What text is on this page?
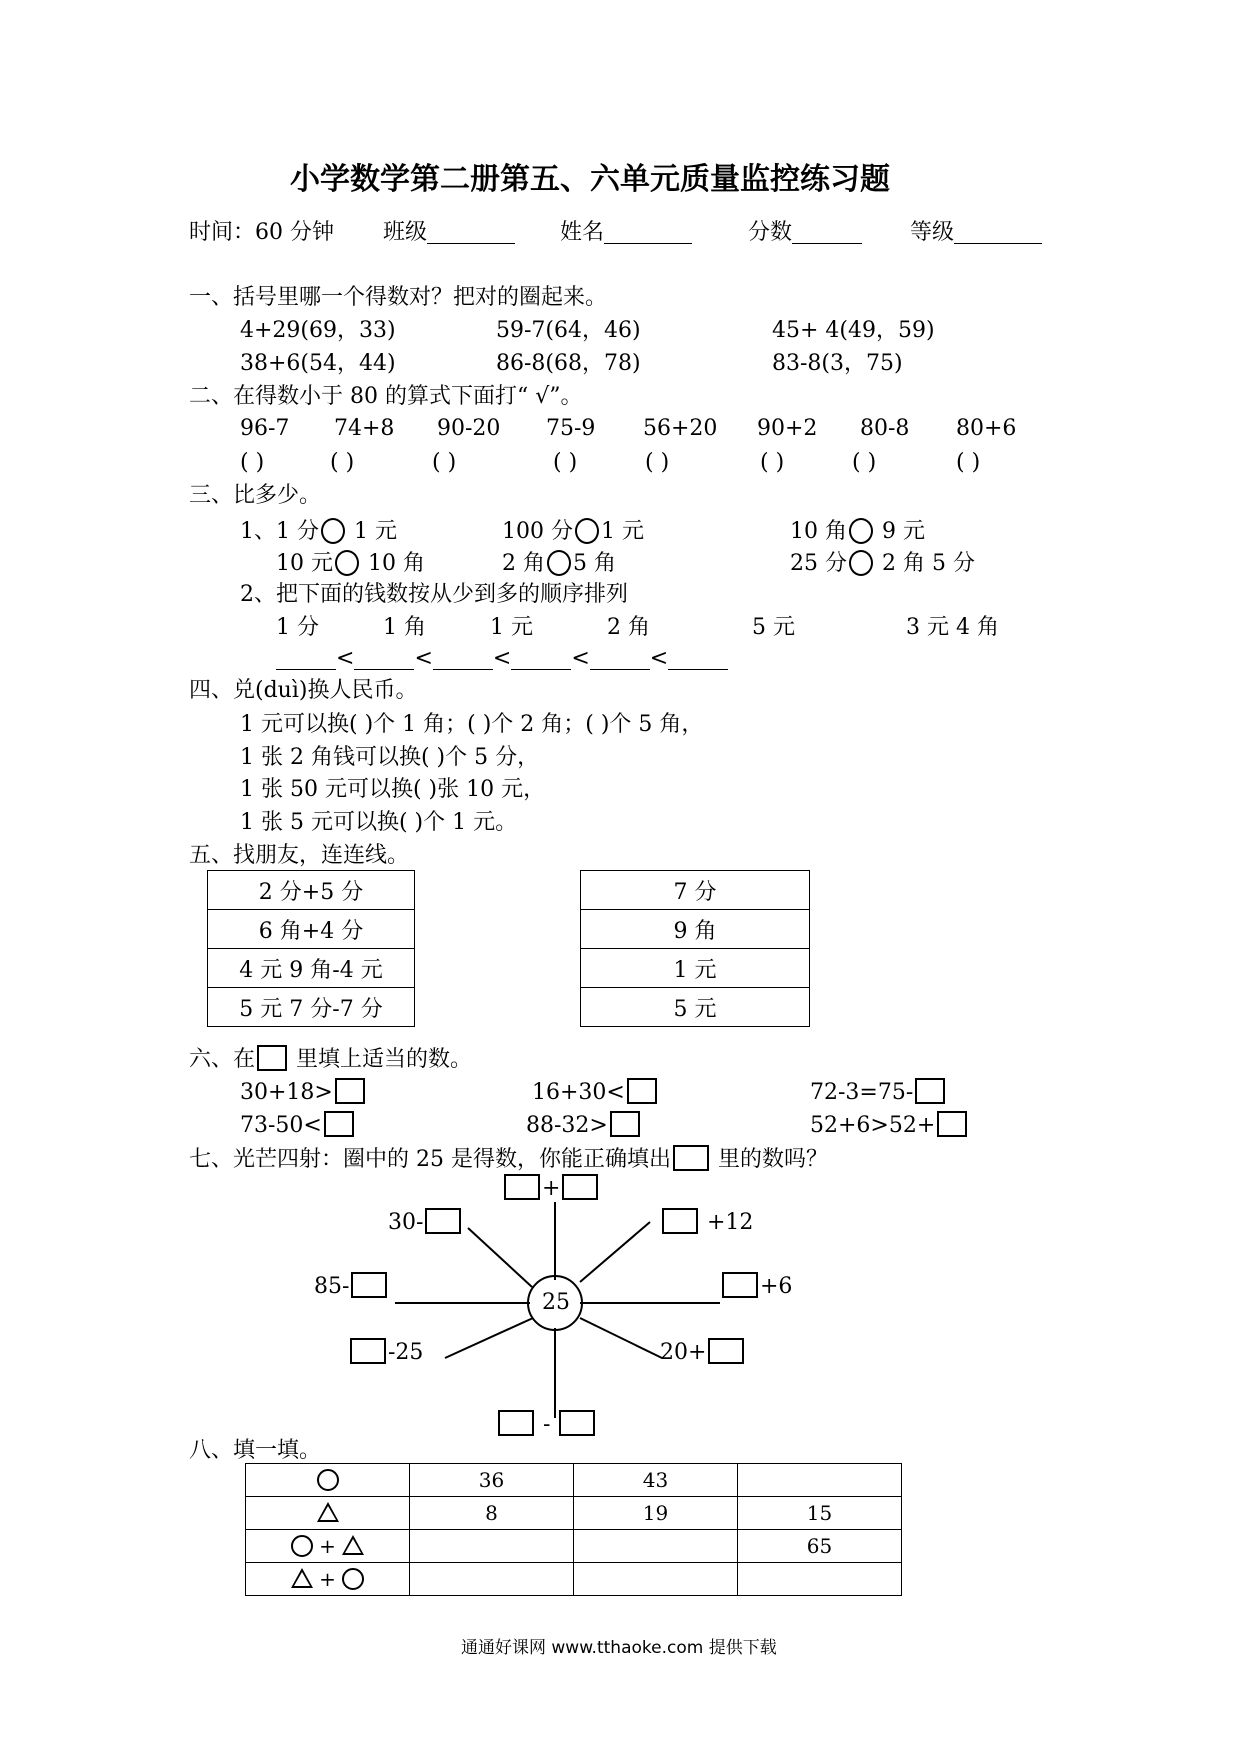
小学数学第二册第五、六单元质量监控练习题
时间：60 分钟 班级	姓名	分数	等级
一、括号里哪一个得数对？把对的圈起来。
4+29(69，33)	59-7(64，46)	45+ 4(49，59)
38+6(54，44)	86-8(68，78)	83-8(3，75)
二、在得数小于 80 的算式下面打“ √”。
96-7 74+8 90-20 75-9 56+20 90+2 80-8 80+6
( )	( )	( )	( )	( )	( )	( )	( )
三、比多少。
1、1 分 1 元	100 分 1 元	10 角 9 元
10 元 10 角	2 角 5 角	25 分 2 角 5 分
2、把下面的钱数按从少到多的顺序排列
1 分	1 角	1 元	2 角	5 元	3 元 4 角
<	<	<	<	<
四、兑(duì)换人民币。
1 元可以换( )个 1 角；( )个 2 角；( )个 5 角，
1 张 2 角钱可以换( )个 5 分，
1 张 50 元可以换( )张 10 元，
1 张 5 元可以换( )个 1 元。
五、找朋友，连连线。
2 分+5 分
6 角+4 分
4 元 9 角-4 元
5 元 7 分-7 分
7 分
9 角
1 元
5 元
六、在 里填上适当的数。
30+18>	16+30<	72-3=75-
73-50<	88-32>	52+6>52+
七、光芒四射：圈中的 25 是得数，你能正确填出 里的数吗？
25
+
30-	+12
85-	+6
-25	20+
-
八、填一填。
	36	43	
	8	19	15
+			65
+			
通通好课网 www.tthaoke.com 提供下载
